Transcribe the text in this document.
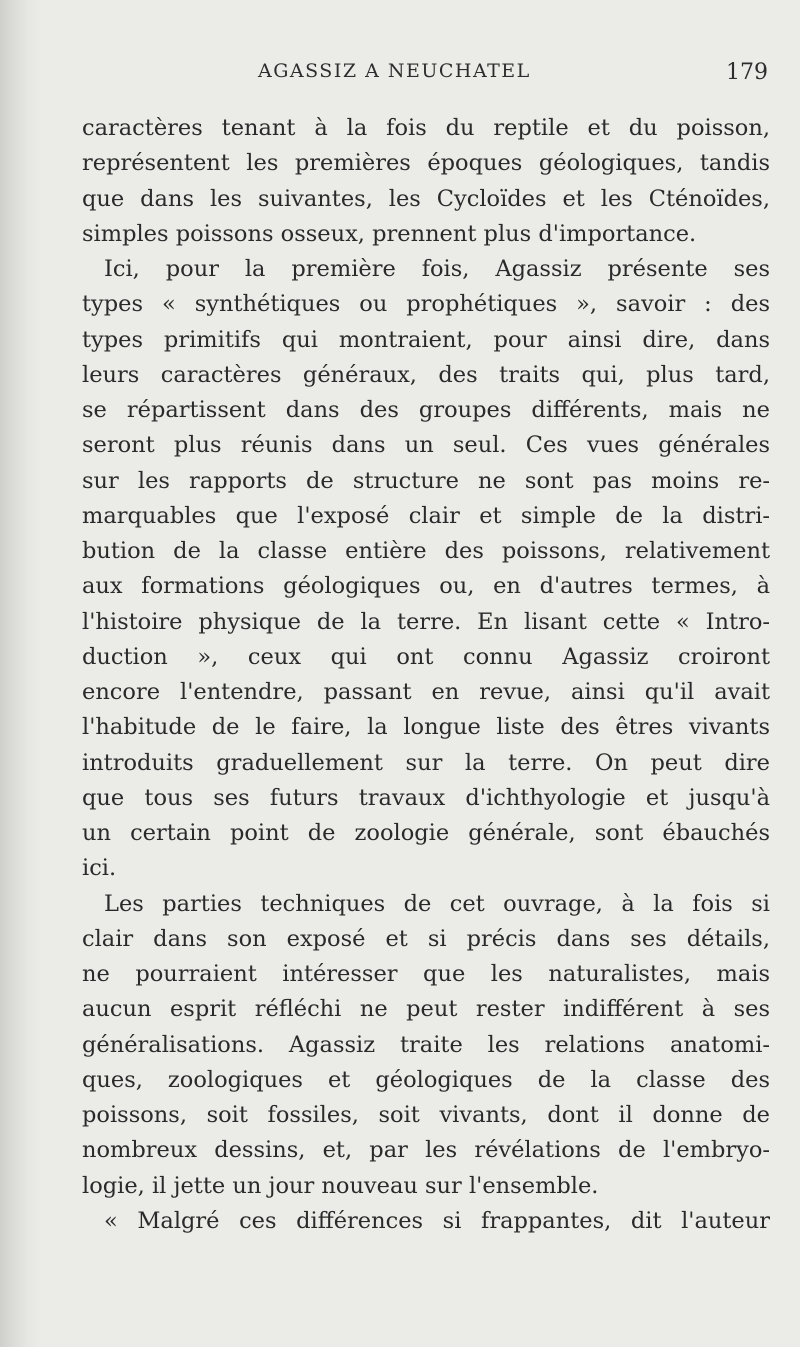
AGASSIZ A NEUCHATEL	179
caractères tenant à la fois du reptile et du poisson,
représentent les premières époques géologiques, tandis
que dans les suivantes, les Cycloïdes et les Cténoïdes,
simples poissons osseux, prennent plus d'importance.
Ici, pour la première fois, Agassiz présente ses
types « synthétiques ou prophétiques », savoir : des
types primitifs qui montraient, pour ainsi dire, dans
leurs caractères généraux, des traits qui, plus tard,
se répartissent dans des groupes différents, mais ne
seront plus réunis dans un seul. Ces vues générales
sur les rapports de structure ne sont pas moins re-
marquables que l'exposé clair et simple de la distri-
bution de la classe entière des poissons, relativement
aux formations géologiques ou, en d'autres termes, à
l'histoire physique de la terre. En lisant cette « Intro-
duction », ceux qui ont connu Agassiz croiront
encore l'entendre, passant en revue, ainsi qu'il avait
l'habitude de le faire, la longue liste des êtres vivants
introduits graduellement sur la terre. On peut dire
que tous ses futurs travaux d'ichthyologie et jusqu'à
un certain point de zoologie générale, sont ébauchés
ici.
Les parties techniques de cet ouvrage, à la fois si
clair dans son exposé et si précis dans ses détails,
ne pourraient intéresser que les naturalistes, mais
aucun esprit réfléchi ne peut rester indifférent à ses
généralisations. Agassiz traite les relations anatomi-
ques, zoologiques et géologiques de la classe des
poissons, soit fossiles, soit vivants, dont il donne de
nombreux dessins, et, par les révélations de l'embryo-
logie, il jette un jour nouveau sur l'ensemble.
« Malgré ces différences si frappantes, dit l'auteur
